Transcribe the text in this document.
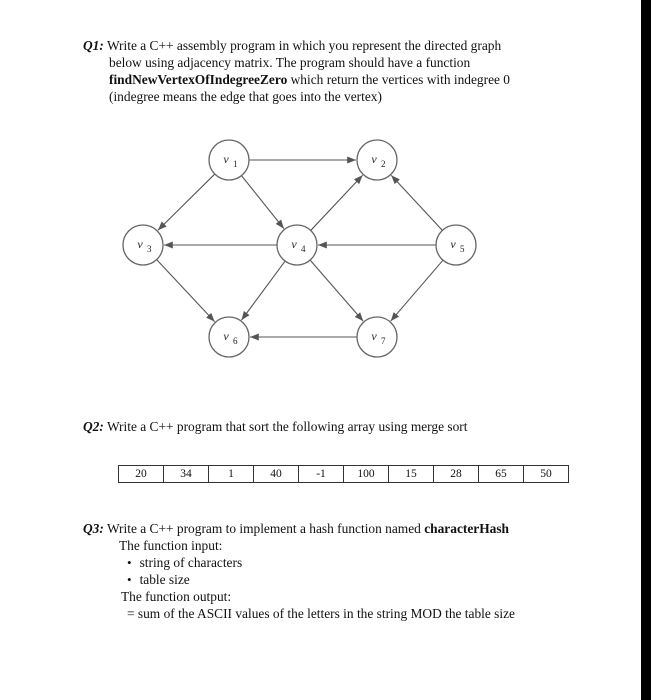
Q1: Write a C++ assembly program in which you represent the directed graph
below using adjacency matrix. The program should have a function
findNewVertexOfIndegreeZero which return the vertices with indegree 0
(indegree means the edge that goes into the vertex)
v 1	v 2
v 3	v 4	v 5
v 6	v 7
Q2: Write a C++ program that sort the following array using merge sort
20	34	1	40	-1	100	15	28	65	50
Q3: Write a C++ program to implement a hash function named characterHash
The function input:
• string of characters
• table size
The function output:
= sum of the ASCII values of the letters in the string MOD the table size
